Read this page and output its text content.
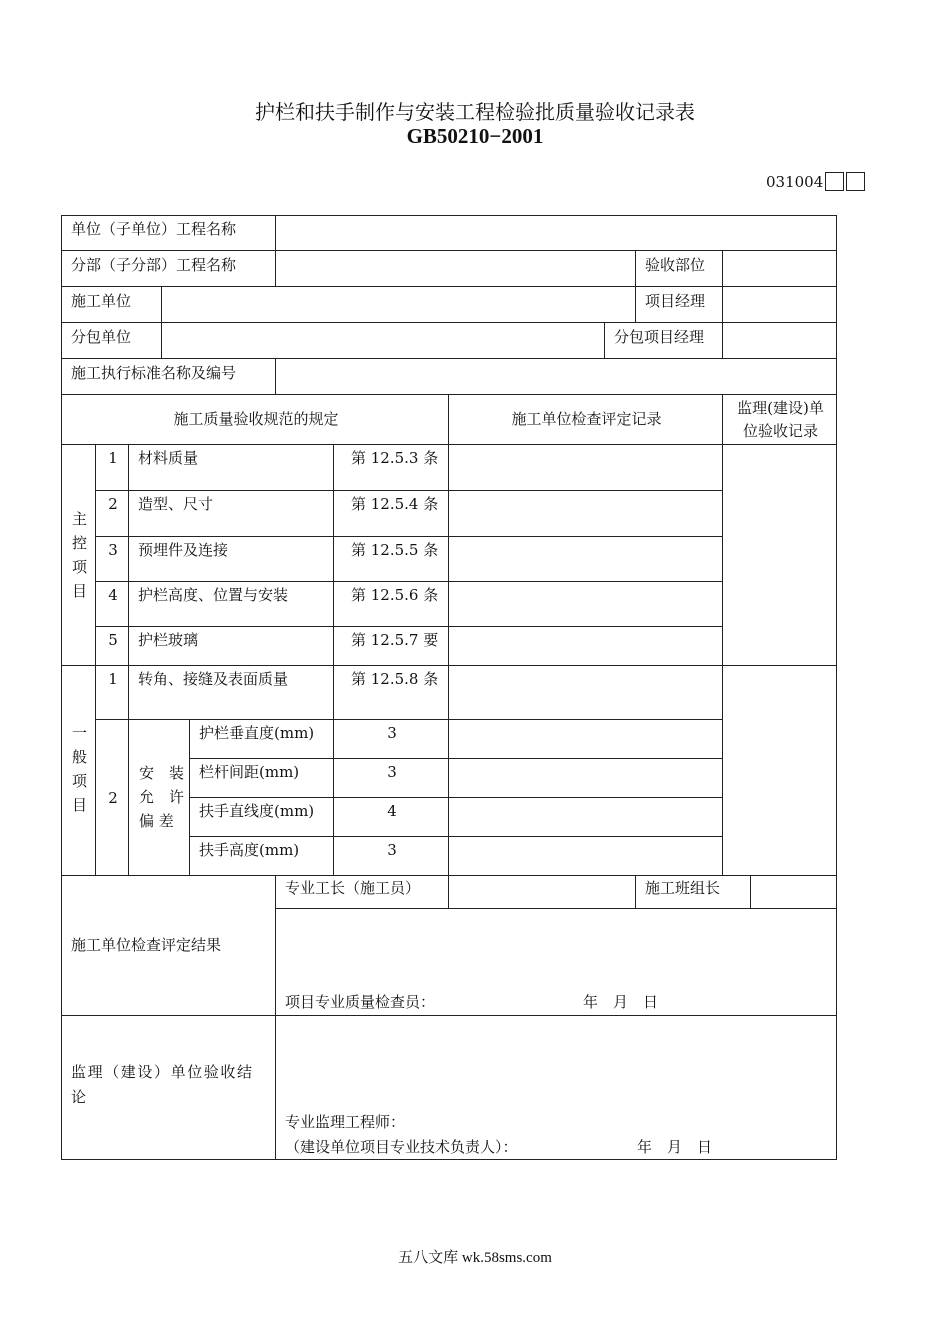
护栏和扶手制作与安装工程检验批质量验收记录表
GB50210−2001
031004
单位（子单位）工程名称
分部（子分部）工程名称	验收部位
施工单位	项目经理
分包单位	分包项目经理
施工执行标准名称及编号
施工质量验收规范的规定	施工单位检查评定记录
监理(建设)单
位验收记录
主
控
项
目
1	材料质量	第 12.5.3 条
2	造型、尺寸	第 12.5.4 条
3	预埋件及连接	第 12.5.5 条
4	护栏高度、位置与安装	第 12.5.6 条
5	护栏玻璃	第 12.5.7 要
一
般
项
目
1	转角、接缝及表面质量	第 12.5.8 条
2
安　装
允　许
偏 差
护栏垂直度(mm)	3
栏杆间距(mm)	3
扶手直线度(mm)	4
扶手高度(mm)	3
施工单位检查评定结果
专业工长（施工员）	施工班组长
项目专业质量检查员：	年　月　日
监理（建设）单位验收结
论
专业监理工程师：
（建设单位项目专业技术负责人）：	年　月　日
五八文库 wk.58sms.com
